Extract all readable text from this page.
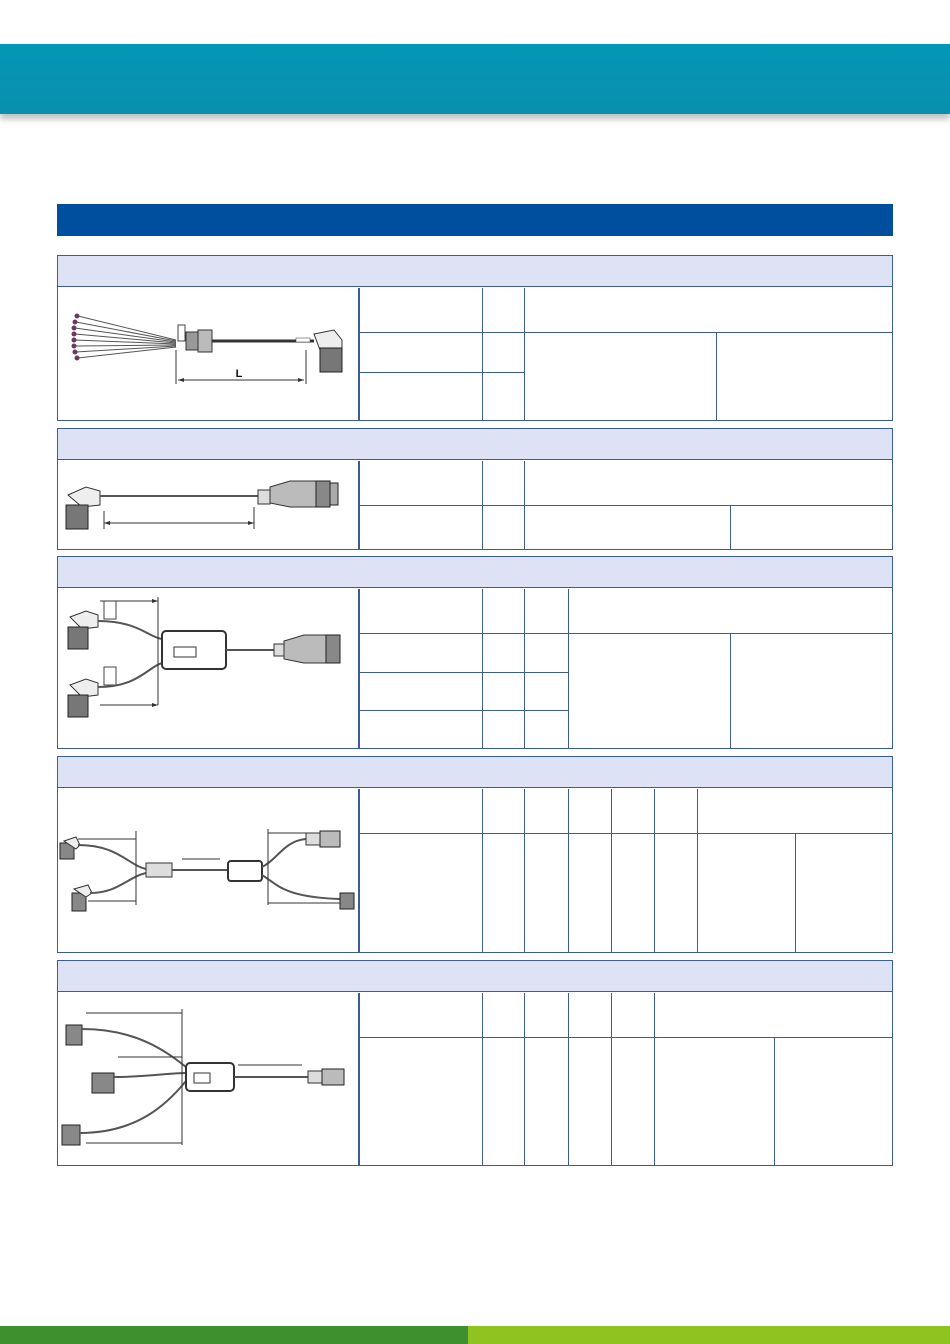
L
